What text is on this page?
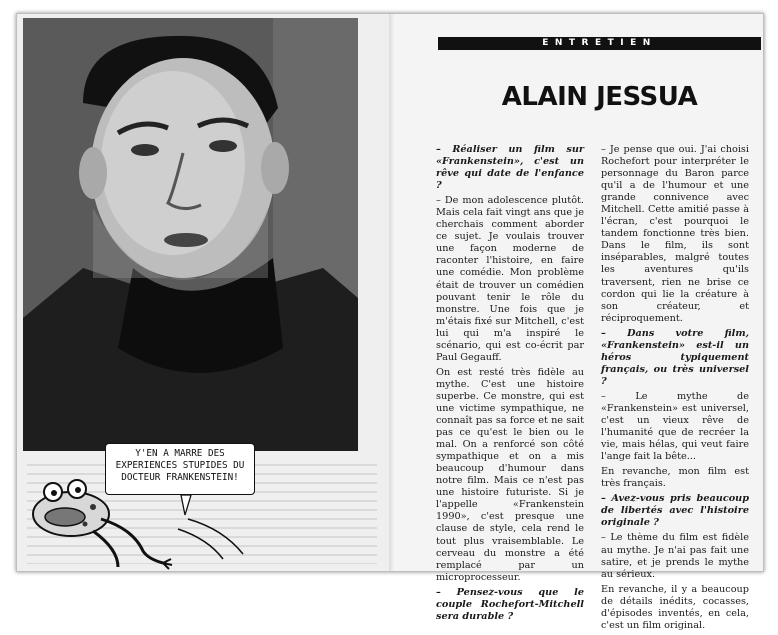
Y'EN A MARRE DES EXPERIENCES STUPIDES DU DOCTEUR FRANKENSTEIN!
ENTRETIEN
ALAIN JESSUA

– Réaliser un film sur «Frankenstein», c'est un rêve qui date de l'enfance ?

– De mon adolescence plutôt. Mais cela fait vingt ans que je cherchais comment aborder ce sujet. Je voulais trouver une façon moderne de raconter l'histoire, en faire une comédie. Mon problème était de trouver un comédien pouvant tenir le rôle du monstre. Une fois que je m'étais fixé sur Mitchell, c'est lui qui m'a inspiré le scénario, qui est co-écrit par Paul Gegauff.

On est resté très fidèle au mythe. C'est une histoire superbe. Ce monstre, qui est une victime sympathique, ne connaît pas sa force et ne sait pas ce qu'est le bien ou le mal. On a renforcé son côté sympathique et on a mis beaucoup d'humour dans notre film. Mais ce n'est pas une histoire futuriste. Si je l'appelle «Frankenstein 1990», c'est presque une clause de style, cela rend le tout plus vraisemblable. Le cerveau du monstre a été remplacé par un microprocesseur.

– Pensez-vous que le couple Rochefort-Mitchell sera durable ?

– Je pense que oui. J'ai choisi Rochefort pour interpréter le personnage du Baron parce qu'il a de l'humour et une grande connivence avec Mitchell. Cette amitié passe à l'écran, c'est pourquoi le tandem fonctionne très bien. Dans le film, ils sont inséparables, malgré toutes les aventures qu'ils traversent, rien ne brise ce cordon qui lie la créature à son créateur, et réciproquement.

– Dans votre film, «Frankenstein» est-il un héros typiquement français, ou très universel ?

– Le mythe de «Frankenstein» est universel, c'est un vieux rêve de l'humanité que de recréer la vie, mais hélas, qui veut faire l'ange fait la bête...

En revanche, mon film est très français.

– Avez-vous pris beaucoup de libertés avec l'histoire originale ?

– Le thème du film est fidèle au mythe. Je n'ai pas fait une satire, et je prends le mythe au sérieux.

En revanche, il y a beaucoup de détails inédits, cocasses, d'épisodes inventés, en cela, c'est un film original.
